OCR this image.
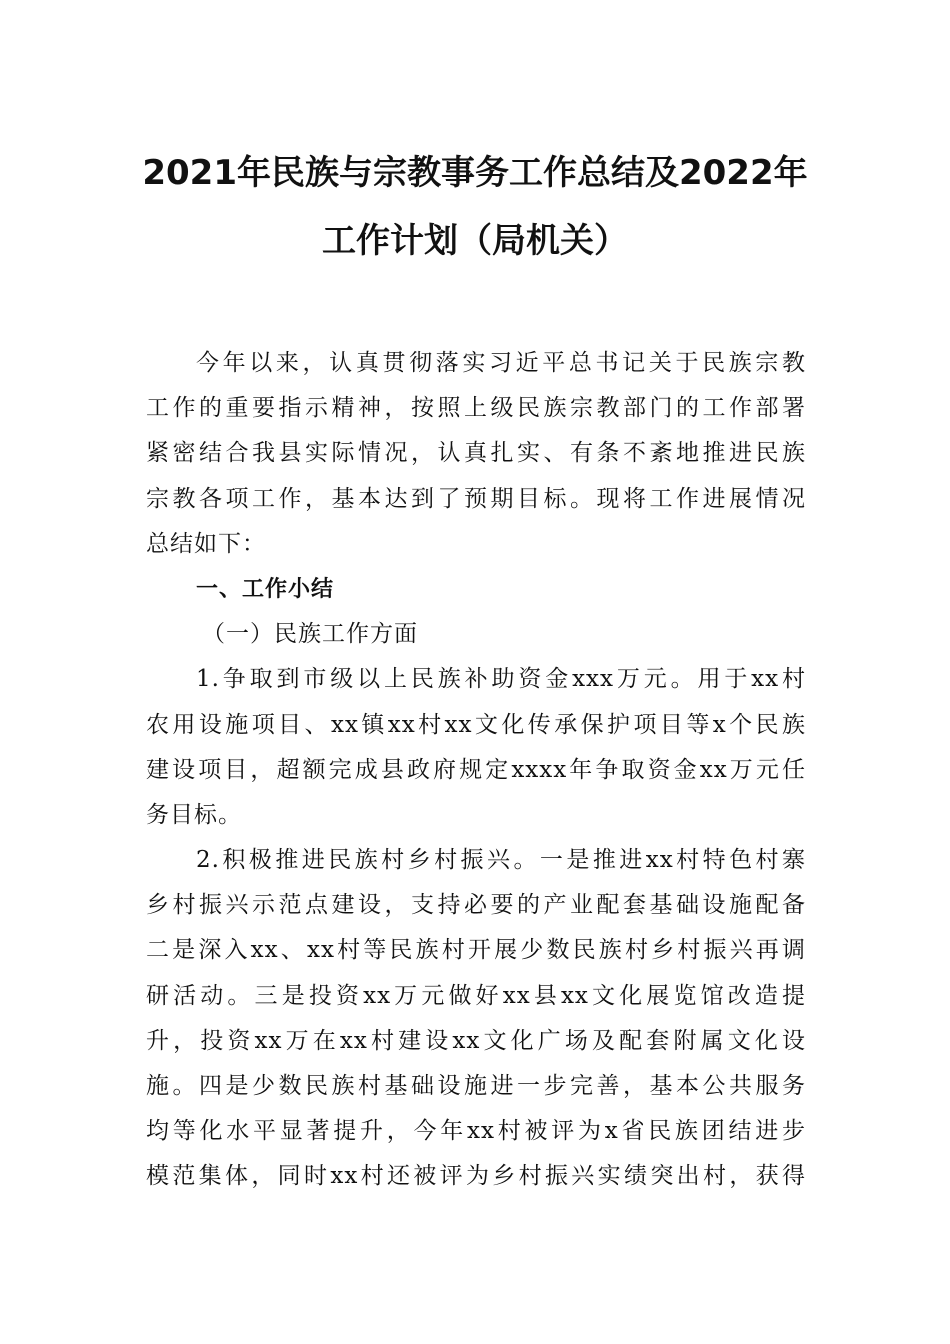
2021年民族与宗教事务工作总结及2022年
工作计划（局机关）
今年以来，认真贯彻落实习近平总书记关于民族宗教
工作的重要指示精神，按照上级民族宗教部门的工作部署
紧密结合我县实际情况，认真扎实、有条不紊地推进民族
宗教各项工作，基本达到了预期目标。现将工作进展情况
总结如下：
一、工作小结
（一）民族工作方面
1.争取到市级以上民族补助资金xxx万元。用于xx村
农用设施项目、xx镇xx村xx文化传承保护项目等x个民族
建设项目，超额完成县政府规定xxxx年争取资金xx万元任
务目标。
2.积极推进民族村乡村振兴。一是推进xx村特色村寨
乡村振兴示范点建设，支持必要的产业配套基础设施配备
二是深入xx、xx村等民族村开展少数民族村乡村振兴再调
研活动。三是投资xx万元做好xx县xx文化展览馆改造提
升，投资xx万在xx村建设xx文化广场及配套附属文化设
施。四是少数民族村基础设施进一步完善，基本公共服务
均等化水平显著提升，今年xx村被评为x省民族团结进步
模范集体，同时xx村还被评为乡村振兴实绩突出村，获得
